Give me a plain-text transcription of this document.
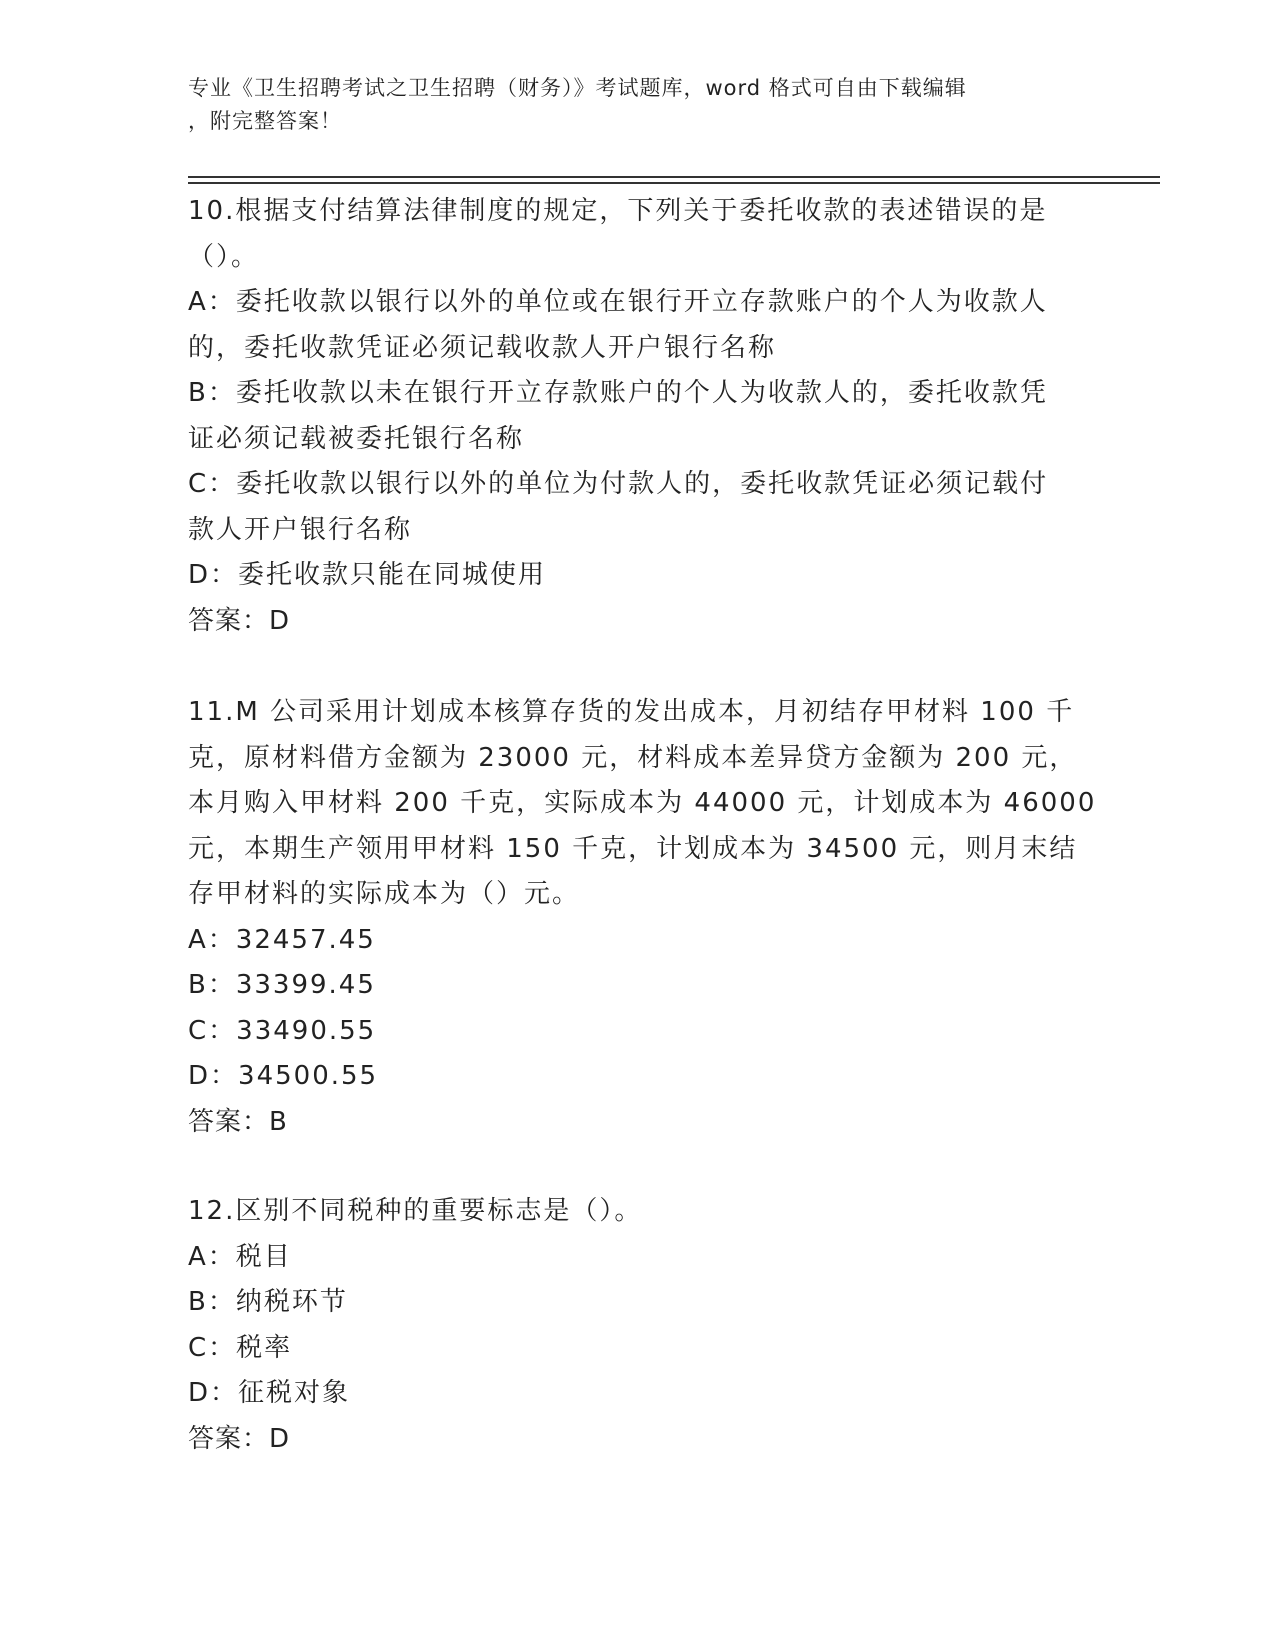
专业《卫生招聘考试之卫生招聘（财务）》考试题库，word 格式可自由下载编辑
，附完整答案！
10.根据支付结算法律制度的规定，下列关于委托收款的表述错误的是
（）。
A：委托收款以银行以外的单位或在银行开立存款账户的个人为收款人
的，委托收款凭证必须记载收款人开户银行名称
B：委托收款以未在银行开立存款账户的个人为收款人的，委托收款凭
证必须记载被委托银行名称
C：委托收款以银行以外的单位为付款人的，委托收款凭证必须记载付
款人开户银行名称
D：委托收款只能在同城使用
答案：D
11.M 公司采用计划成本核算存货的发出成本，月初结存甲材料 100 千
克，原材料借方金额为 23000 元，材料成本差异贷方金额为 200 元，
本月购入甲材料 200 千克，实际成本为 44000 元，计划成本为 46000
元，本期生产领用甲材料 150 千克，计划成本为 34500 元，则月末结
存甲材料的实际成本为（）元。
A：32457.45
B：33399.45
C：33490.55
D：34500.55
答案：B
12.区别不同税种的重要标志是（）。
A：税目
B：纳税环节
C：税率
D：征税对象
答案：D
